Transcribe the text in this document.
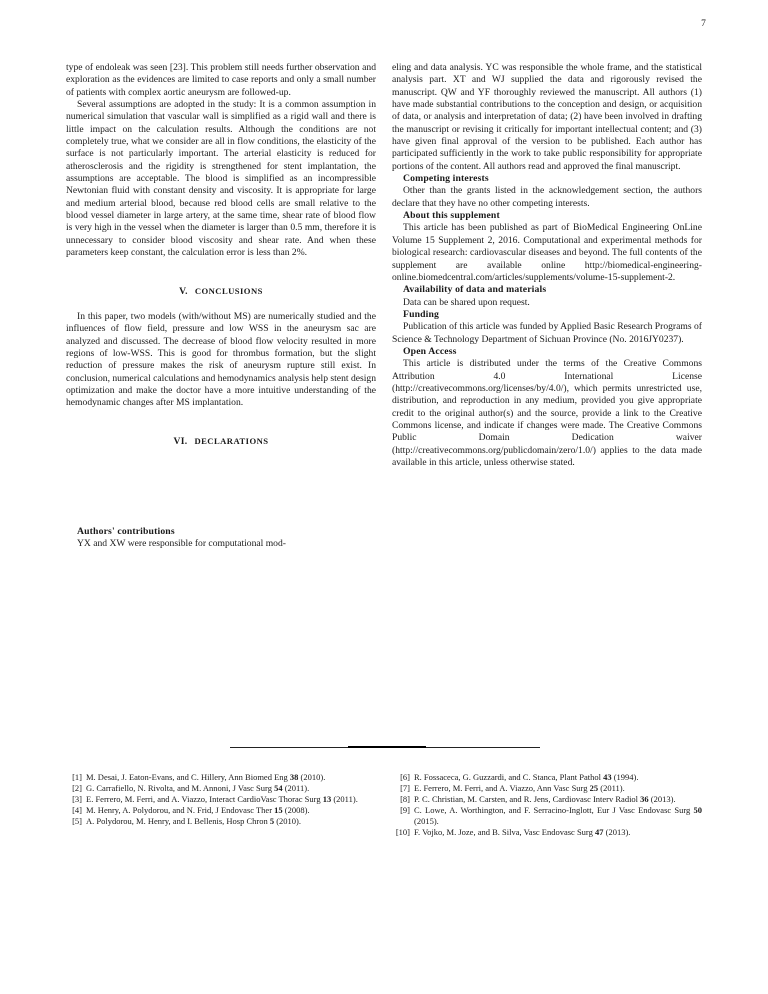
7

type of endoleak was seen [23]. This problem still needs further observation and exploration as the evidences are limited to case reports and only a small number of patients with complex aortic aneurysm are followed-up.

Several assumptions are adopted in the study: It is a common assumption in numerical simulation that vascular wall is simplified as a rigid wall and there is little impact on the calculation results. Although the conditions are not completely true, what we consider are all in flow conditions, the elasticity of the surface is not particularly important. The arterial elasticity is reduced for atherosclerosis and the rigidity is strengthened for stent implantation, the assumptions are acceptable. The blood is simplified as an incompressible Newtonian fluid with constant density and viscosity. It is appropriate for large and medium arterial blood, because red blood cells are small relative to the blood vessel diameter in large artery, at the same time, shear rate of blood flow is very high in the vessel when the diameter is larger than 0.5 mm, therefore it is unnecessary to consider blood viscosity and shear rate. And when these parameters keep constant, the calculation error is less than 2%.

V. CONCLUSIONS

In this paper, two models (with/without MS) are numerically studied and the influences of flow field, pressure and low WSS in the aneurysm sac are analyzed and discussed. The decrease of blood flow velocity resulted in more regions of low-WSS. This is good for thrombus formation, but the slight reduction of pressure makes the risk of aneurysm rupture still exist. In conclusion, numerical calculations and hemodynamics analysis help stent design optimization and make the doctor have a more intuitive understanding of the hemodynamic changes after MS implantation.

VI. DECLARATIONS
Authors' contributions

YX and XW were responsible for computational mod-

eling and data analysis. YC was responsible the whole frame, and the statistical analysis part. XT and WJ supplied the data and rigorously revised the manuscript. QW and YF thoroughly reviewed the manuscript. All authors (1) have made substantial contributions to the conception and design, or acquisition of data, or analysis and interpretation of data; (2) have been involved in drafting the manuscript or revising it critically for important intellectual content; and (3) have given final approval of the version to be published. Each author has participated sufficiently in the work to take public responsibility for appropriate portions of the content. All authors read and approved the final manuscript.

Competing interests

Other than the grants listed in the acknowledgement section, the authors declare that they have no other competing interests.

About this supplement

This article has been published as part of BioMedical Engineering OnLine Volume 15 Supplement 2, 2016. Computational and experimental methods for biological research: cardiovascular diseases and beyond. The full contents of the supplement are available online http://biomedical-engineering-online.biomedcentral.com/articles/supplements/volume-15-supplement-2.

Availability of data and materials

Data can be shared upon request.

Funding

Publication of this article was funded by Applied Basic Research Programs of Science & Technology Department of Sichuan Province (No. 2016JY0237).

Open Access

This article is distributed under the terms of the Creative Commons Attribution 4.0 International License (http://creativecommons.org/licenses/by/4.0/), which permits unrestricted use, distribution, and reproduction in any medium, provided you give appropriate credit to the original author(s) and the source, provide a link to the Creative Commons license, and indicate if changes were made. The Creative Commons Public Domain Dedication waiver (http://creativecommons.org/publicdomain/zero/1.0/) applies to the data made available in this article, unless otherwise stated.

[1] M. Desai, J. Eaton-Evans, and C. Hillery, Ann Biomed Eng 38 (2010).
[2] G. Carrafiello, N. Rivolta, and M. Annoni, J Vasc Surg 54 (2011).
[3] E. Ferrero, M. Ferri, and A. Viazzo, Interact CardioVasc Thorac Surg 13 (2011).
[4] M. Henry, A. Polydorou, and N. Frid, J Endovasc Ther 15 (2008).
[5] A. Polydorou, M. Henry, and I. Bellenis, Hosp Chron 5 (2010).
[6] R. Fossaceca, G. Guzzardi, and C. Stanca, Plant Pathol 43 (1994).
[7] E. Ferrero, M. Ferri, and A. Viazzo, Ann Vasc Surg 25 (2011).
[8] P. C. Christian, M. Carsten, and R. Jens, Cardiovasc Interv Radiol 36 (2013).
[9] C. Lowe, A. Worthington, and F. Serracino-Inglott, Eur J Vasc Endovasc Surg 50 (2015).
[10] F. Vojko, M. Joze, and B. Silva, Vasc Endovasc Surg 47 (2013).
